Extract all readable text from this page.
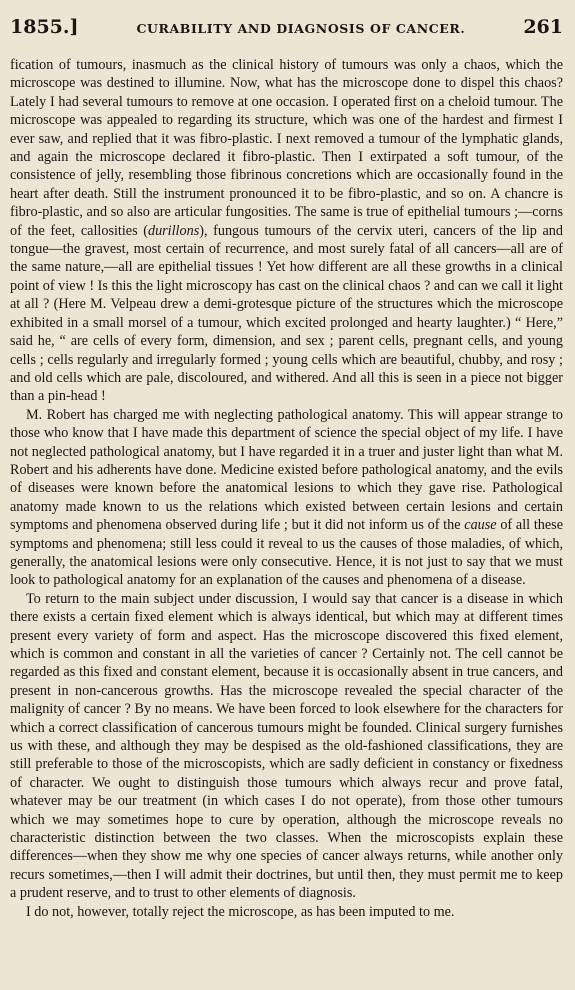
1855.]	CURABILITY AND DIAGNOSIS OF CANCER.	261

fication of tumours, inasmuch as the clinical history of tumours was only a chaos, which the microscope was destined to illumine. Now, what has the microscope done to dispel this chaos? Lately I had several tumours to remove at one occasion. I operated first on a cheloid tumour. The microscope was appealed to regarding its structure, which was one of the hardest and firmest I ever saw, and replied that it was fibro-plastic. I next removed a tumour of the lymphatic glands, and again the microscope declared it fibro-plastic. Then I extirpated a soft tumour, of the consistence of jelly, resembling those fibrinous concretions which are occasionally found in the heart after death. Still the instrument pronounced it to be fibro-plastic, and so on. A chancre is fibro-plastic, and so also are articular fungosities. The same is true of epithelial tumours ;—corns of the feet, callosities (durillons), fungous tumours of the cervix uteri, cancers of the lip and tongue—the gravest, most certain of recurrence, and most surely fatal of all cancers—all are of the same nature,—all are epithelial tissues ! Yet how different are all these growths in a clinical point of view ! Is this the light microscopy has cast on the clinical chaos ? and can we call it light at all ? (Here M. Velpeau drew a demi-grotesque picture of the structures which the microscope exhibited in a small morsel of a tumour, which excited prolonged and hearty laughter.) “ Here,” said he, “ are cells of every form, dimension, and sex ; parent cells, pregnant cells, and young cells ; cells regularly and irregularly formed ; young cells which are beautiful, chubby, and rosy ; and old cells which are pale, discoloured, and withered. And all this is seen in a piece not bigger than a pin-head !

M. Robert has charged me with neglecting pathological anatomy. This will appear strange to those who know that I have made this department of science the special object of my life. I have not neglected pathological anatomy, but I have regarded it in a truer and juster light than what M. Robert and his adherents have done. Medicine existed before pathological anatomy, and the evils of diseases were known before the anatomical lesions to which they gave rise. Pathological anatomy made known to us the relations which existed between certain lesions and certain symptoms and phenomena observed during life ; but it did not inform us of the cause of all these symptoms and phenomena; still less could it reveal to us the causes of those maladies, of which, generally, the anatomical lesions were only consecutive. Hence, it is not just to say that we must look to pathological anatomy for an explanation of the causes and phenomena of a disease.

To return to the main subject under discussion, I would say that cancer is a disease in which there exists a certain fixed element which is always identical, but which may at different times present every variety of form and aspect. Has the microscope discovered this fixed element, which is common and constant in all the varieties of cancer ? Certainly not. The cell cannot be regarded as this fixed and constant element, because it is occasionally absent in true cancers, and present in non-cancerous growths. Has the microscope revealed the special character of the malignity of cancer ? By no means. We have been forced to look elsewhere for the characters for which a correct classification of cancerous tumours might be founded. Clinical surgery furnishes us with these, and although they may be despised as the old-fashioned classifications, they are still preferable to those of the microscopists, which are sadly deficient in constancy or fixedness of character. We ought to distinguish those tumours which always recur and prove fatal, whatever may be our treatment (in which cases I do not operate), from those other tumours which we may sometimes hope to cure by operation, although the microscope reveals no characteristic distinction between the two classes. When the microscopists explain these differences—when they show me why one species of cancer always returns, while another only recurs sometimes,—then I will admit their doctrines, but until then, they must permit me to keep a prudent reserve, and to trust to other elements of diagnosis.

I do not, however, totally reject the microscope, as has been imputed to me.
